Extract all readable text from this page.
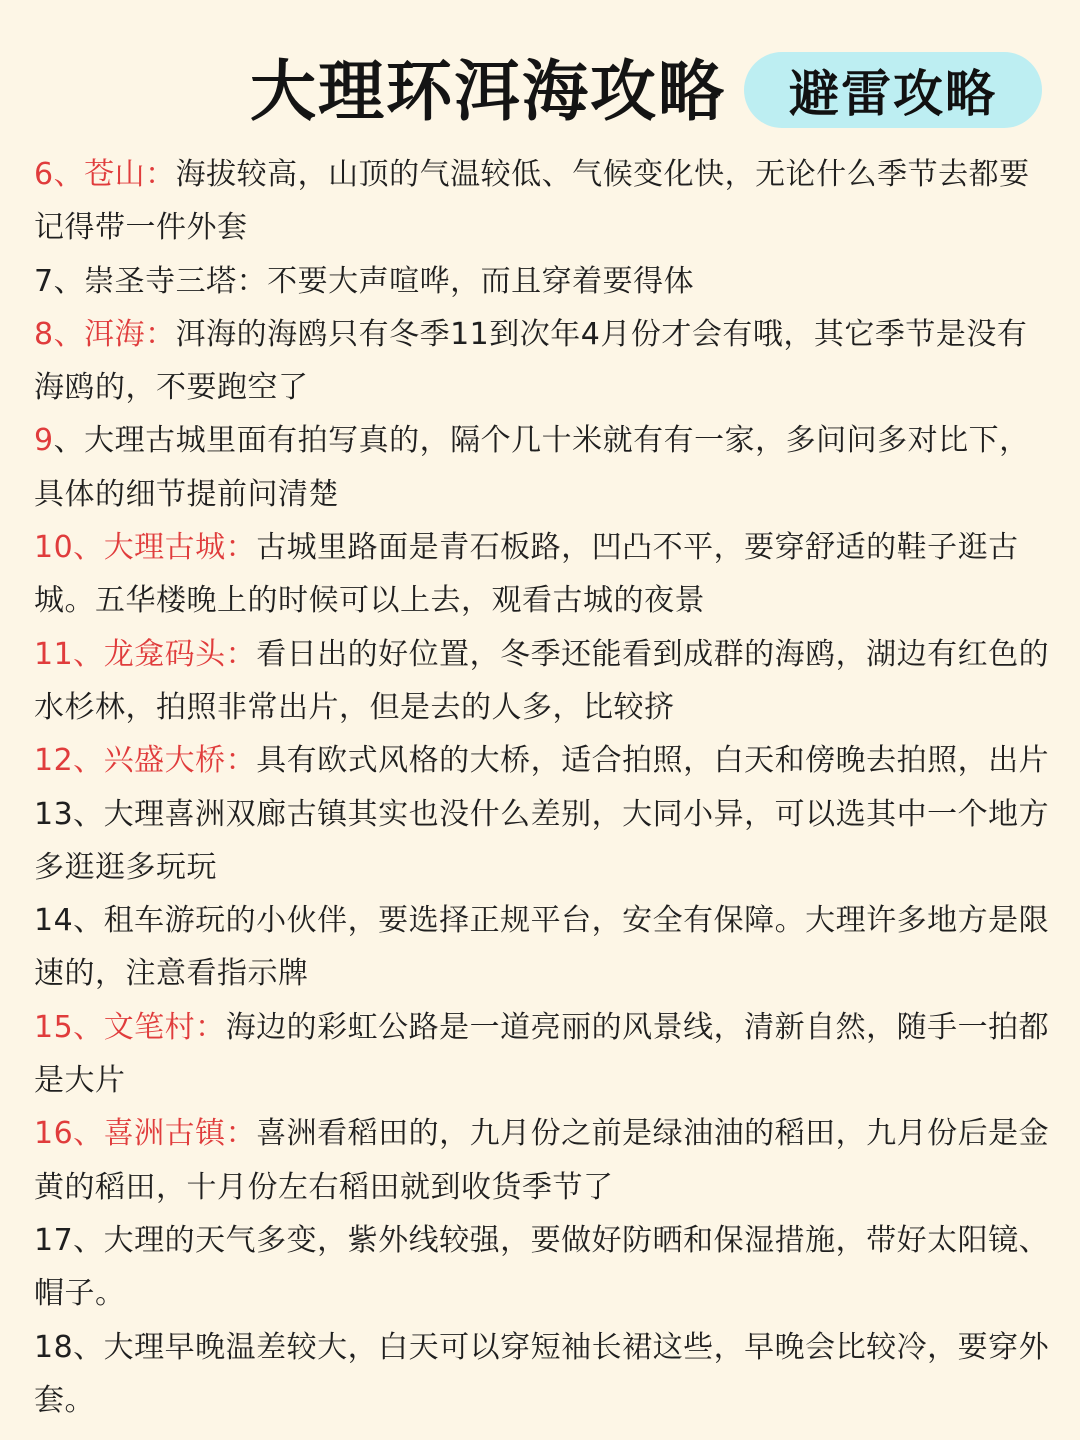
大理环洱海攻略	避雷攻略

6、苍山：海拔较高，山顶的气温较低、气候变化快，无论什么季节去都要记得带一件外套

7、崇圣寺三塔：不要大声喧哗，而且穿着要得体

8、洱海：洱海的海鸥只有冬季11到次年4月份才会有哦，其它季节是没有海鸥的，不要跑空了

9、大理古城里面有拍写真的，隔个几十米就有有一家，多问问多对比下，具体的细节提前问清楚

10、大理古城：古城里路面是青石板路，凹凸不平，要穿舒适的鞋子逛古城。五华楼晚上的时候可以上去，观看古城的夜景

11、龙龛码头：看日出的好位置，冬季还能看到成群的海鸥，湖边有红色的水杉林，拍照非常出片，但是去的人多，比较挤

12、兴盛大桥：具有欧式风格的大桥，适合拍照，白天和傍晚去拍照，出片

13、大理喜洲双廊古镇其实也没什么差别，大同小异，可以选其中一个地方多逛逛多玩玩

14、租车游玩的小伙伴，要选择正规平台，安全有保障。大理许多地方是限速的，注意看指示牌

15、文笔村：海边的彩虹公路是一道亮丽的风景线，清新自然，随手一拍都是大片

16、喜洲古镇：喜洲看稻田的，九月份之前是绿油油的稻田，九月份后是金黄的稻田，十月份左右稻田就到收货季节了

17、大理的天气多变，紫外线较强，要做好防晒和保湿措施，带好太阳镜、帽子。

18、大理早晚温差较大，白天可以穿短袖长裙这些，早晚会比较冷，要穿外套。
